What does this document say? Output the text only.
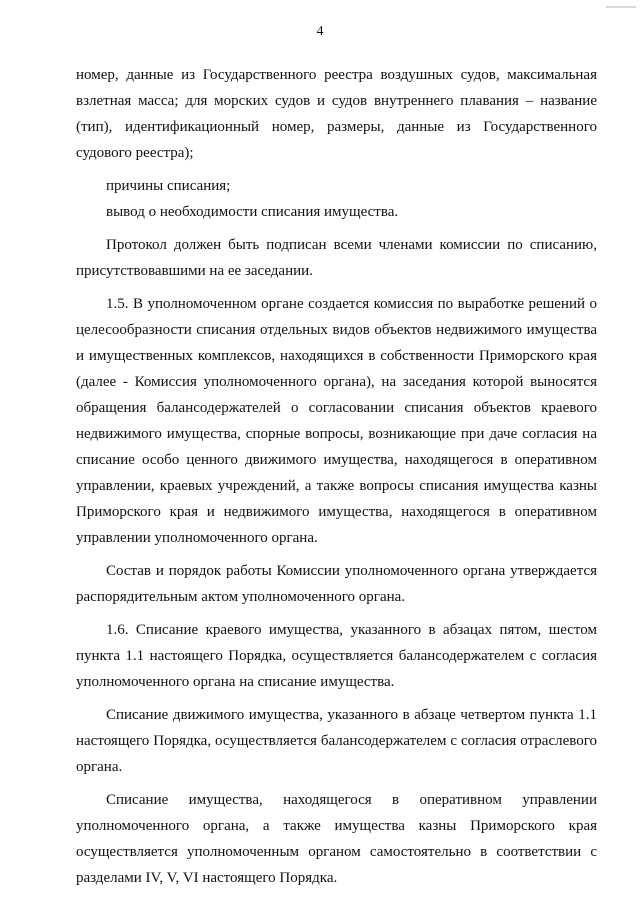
4

номер, данные из Государственного реестра воздушных судов, максимальная взлетная масса; для морских судов и судов внутреннего плавания – название (тип), идентификационный номер, размеры, данные из Государственного судового реестра);

причины списания;

вывод о необходимости списания имущества.

Протокол должен быть подписан всеми членами комиссии по списанию, присутствовавшими на ее заседании.

1.5. В уполномоченном органе создается комиссия по выработке решений о целесообразности списания отдельных видов объектов недвижимого имущества и имущественных комплексов, находящихся в собственности Приморского края (далее - Комиссия уполномоченного органа), на заседания которой выносятся обращения балансодержателей о согласовании списания объектов краевого недвижимого имущества, спорные вопросы, возникающие при даче согласия на списание особо ценного движимого имущества, находящегося в оперативном управлении, краевых учреждений, а также вопросы списания имущества казны Приморского края и недвижимого имущества, находящегося в оперативном управлении уполномоченного органа.

Состав и порядок работы Комиссии уполномоченного органа утверждается распорядительным актом уполномоченного органа.

1.6. Списание краевого имущества, указанного в абзацах пятом, шестом пункта 1.1 настоящего Порядка, осуществляется балансодержателем с согласия уполномоченного органа на списание имущества.

Списание движимого имущества, указанного в абзаце четвертом пункта 1.1 настоящего Порядка, осуществляется балансодержателем с согласия отраслевого органа.

Списание имущества, находящегося в оперативном управлении уполномоченного органа, а также имущества казны Приморского края осуществляется уполномоченным органом самостоятельно в соответствии с разделами IV, V, VI настоящего Порядка.
